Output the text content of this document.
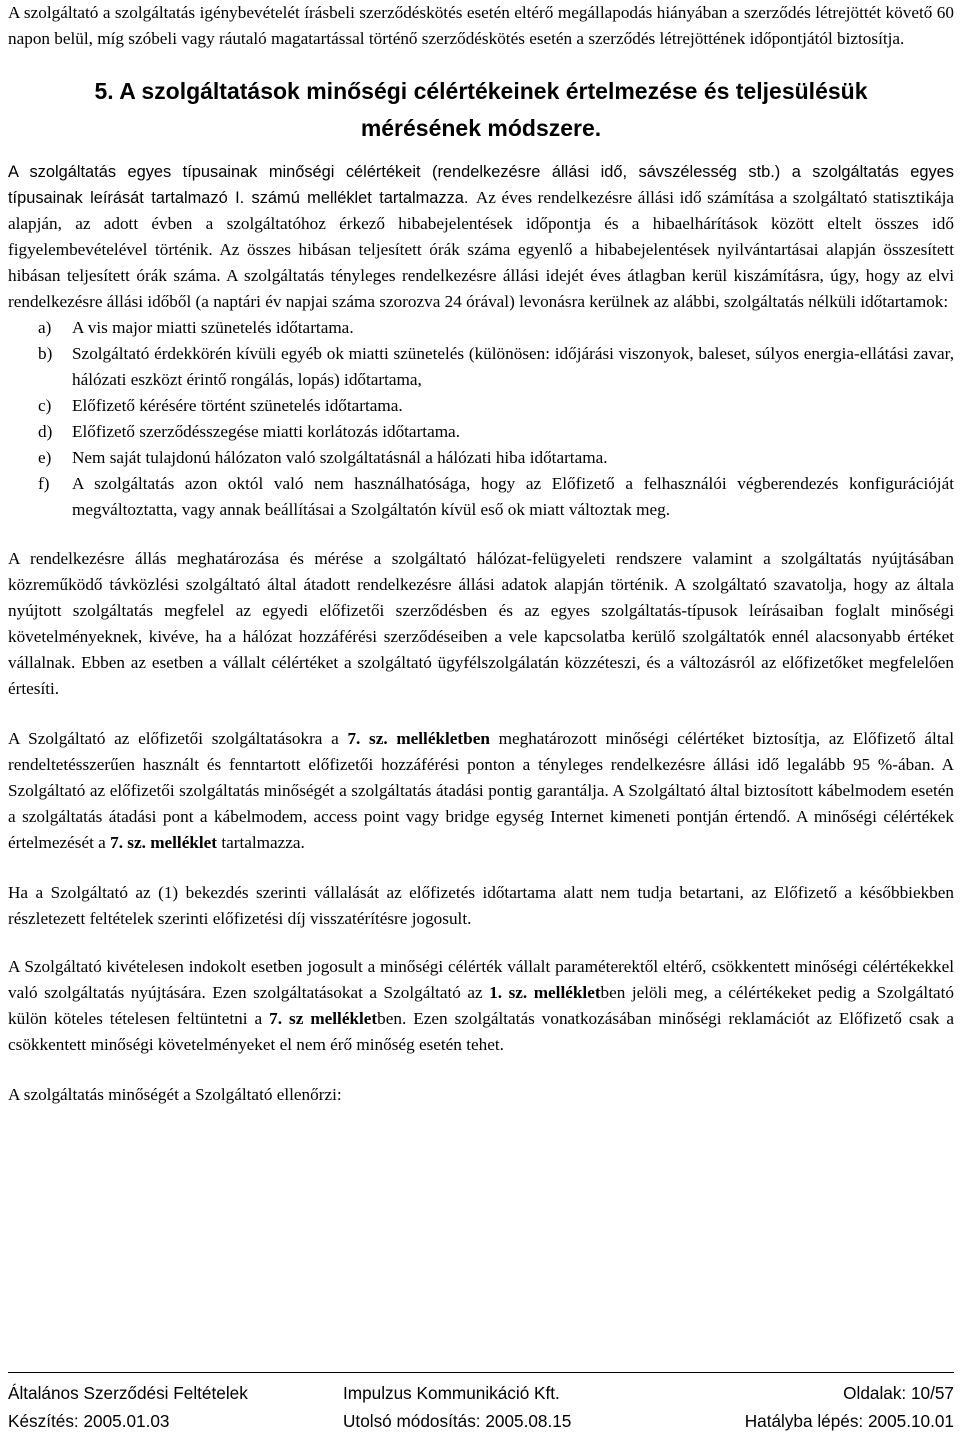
A szolgáltató a szolgáltatás igénybevételét írásbeli szerződéskötés esetén eltérő megállapodás hiányában a szerződés létrejöttét követő 60 napon belül, míg szóbeli vagy ráutaló magatartással történő szerződéskötés esetén a szerződés létrejöttének időpontjától biztosítja.

5. A szolgáltatások minőségi célértékeinek értelmezése és teljesülésük mérésének módszere.

A szolgáltatás egyes típusainak minőségi célértékeit (rendelkezésre állási idő, sávszélesség stb.) a szolgáltatás egyes típusainak leírását tartalmazó I. számú melléklet tartalmazza. Az éves rendelkezésre állási idő számítása a szolgáltató statisztikája alapján, az adott évben a szolgáltatóhoz érkező hibabejelentések időpontja és a hibaelhárítások között eltelt összes idő figyelembevételével történik. Az összes hibásan teljesített órák száma egyenlő a hibabejelentések nyilvántartásai alapján összesített hibásan teljesített órák száma. A szolgáltatás tényleges rendelkezésre állási idejét éves átlagban kerül kiszámításra, úgy, hogy az elvi rendelkezésre állási időből (a naptári év napjai száma szorozva 24 órával) levonásra kerülnek az alábbi, szolgáltatás nélküli időtartamok:

a) A vis major miatti szünetelés időtartama.
b) Szolgáltató érdekkörén kívüli egyéb ok miatti szünetelés (különösen: időjárási viszonyok, baleset, súlyos energia-ellátási zavar, hálózati eszközt érintő rongálás, lopás) időtartama,
c) Előfizető kérésére történt szünetelés időtartama.
d) Előfizető szerződésszegése miatti korlátozás időtartama.
e) Nem saját tulajdonú hálózaton való szolgáltatásnál a hálózati hiba időtartama.
f) A szolgáltatás azon októl való nem használhatósága, hogy az Előfizető a felhasználói végberendezés konfigurációját megváltoztatta, vagy annak beállításai a Szolgáltatón kívül eső ok miatt változtak meg.

A rendelkezésre állás meghatározása és mérése a szolgáltató hálózat-felügyeleti rendszere valamint a szolgáltatás nyújtásában közreműködő távközlési szolgáltató által átadott rendelkezésre állási adatok alapján történik. A szolgáltató szavatolja, hogy az általa nyújtott szolgáltatás megfelel az egyedi előfizetői szerződésben és az egyes szolgáltatás-típusok leírásaiban foglalt minőségi követelményeknek, kivéve, ha a hálózat hozzáférési szerződéseiben a vele kapcsolatba kerülő szolgáltatók ennél alacsonyabb értéket vállalnak. Ebben az esetben a vállalt célértéket a szolgáltató ügyfélszolgálatán közzéteszi, és a változásról az előfizetőket megfelelően értesíti.

A Szolgáltató az előfizetői szolgáltatásokra a 7. sz. mellékletben meghatározott minőségi célértéket biztosítja, az Előfizető által rendeltetésszerűen használt és fenntartott előfizetői hozzáférési ponton a tényleges rendelkezésre állási idő legalább 95 %-ában. A Szolgáltató az előfizetői szolgáltatás minőségét a szolgáltatás átadási pontig garantálja. A Szolgáltató által biztosított kábelmodem esetén a szolgáltatás átadási pont a kábelmodem, access point vagy bridge egység Internet kimeneti pontján értendő. A minőségi célértékek értelmezését a 7. sz. melléklet tartalmazza.

Ha a Szolgáltató az (1) bekezdés szerinti vállalását az előfizetés időtartama alatt nem tudja betartani, az Előfizető a későbbiekben részletezett feltételek szerinti előfizetési díj visszatérítésre jogosult.

A Szolgáltató kivételesen indokolt esetben jogosult a minőségi célérték vállalt paraméterektől eltérő, csökkentett minőségi célértékekkel való szolgáltatás nyújtására. Ezen szolgáltatásokat a Szolgáltató az 1. sz. mellékletben jelöli meg, a célértékeket pedig a Szolgáltató külön köteles tételesen feltüntetni a 7. sz mellékletben. Ezen szolgáltatás vonatkozásában minőségi reklamációt az Előfizető csak a csökkentett minőségi követelményeket el nem érő minőség esetén tehet.

A szolgáltatás minőségét a Szolgáltató ellenőrzi:

Általános Szerződési Feltételek	Impulzus Kommunikáció Kft.	Oldalak: 10/57
Készítés: 2005.01.03	Utolsó módosítás: 2005.08.15	Hatályba lépés: 2005.10.01
